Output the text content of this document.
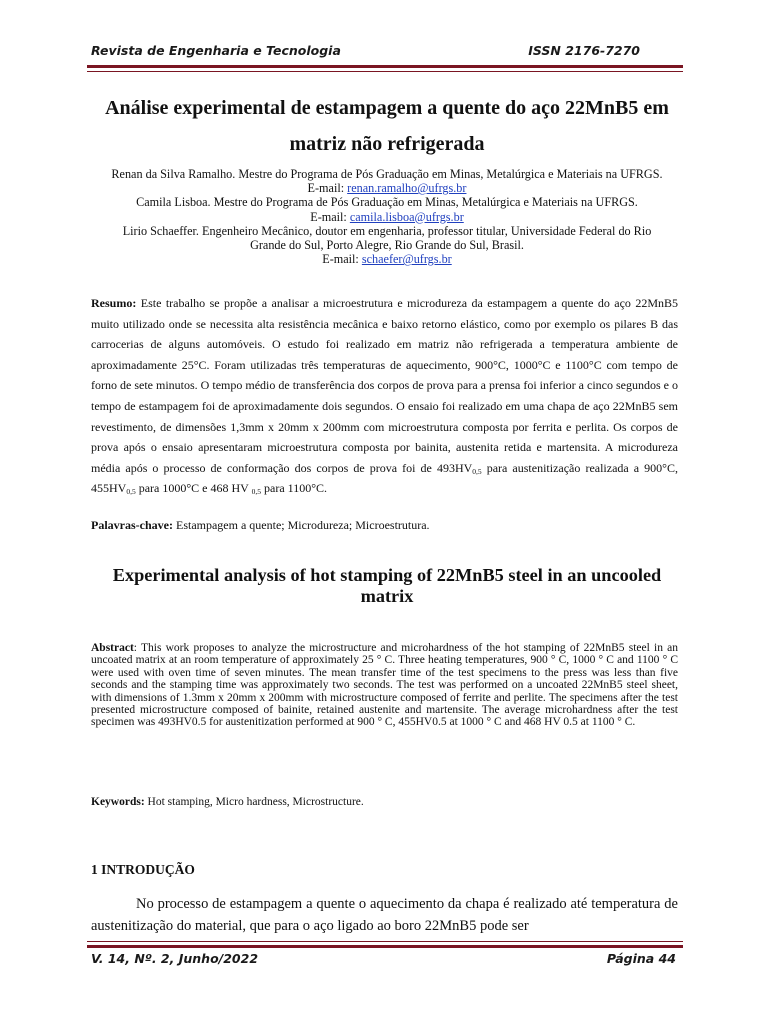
Revista de Engenharia e Tecnologia	ISSN 2176-7270
Análise experimental de estampagem a quente do aço 22MnB5 em
matriz não refrigerada
Renan da Silva Ramalho. Mestre do Programa de Pós Graduação em Minas, Metalúrgica e Materiais na UFRGS.
E-mail: renan.ramalho@ufrgs.br
Camila Lisboa. Mestre do Programa de Pós Graduação em Minas, Metalúrgica e Materiais na UFRGS.
E-mail: camila.lisboa@ufrgs.br
Lirio Schaeffer. Engenheiro Mecânico, doutor em engenharia, professor titular, Universidade Federal do Rio
Grande do Sul, Porto Alegre, Rio Grande do Sul, Brasil.
E-mail: schaefer@ufrgs.br
Resumo: Este trabalho se propõe a analisar a microestrutura e microdureza da estampagem a quente do aço 22MnB5 muito utilizado onde se necessita alta resistência mecânica e baixo retorno elástico, como por exemplo os pilares B das carrocerias de alguns automóveis. O estudo foi realizado em matriz não refrigerada a temperatura ambiente de aproximadamente 25°C. Foram utilizadas três temperaturas de aquecimento, 900°C, 1000°C e 1100°C com tempo de forno de sete minutos. O tempo médio de transferência dos corpos de prova para a prensa foi inferior a cinco segundos e o tempo de estampagem foi de aproximadamente dois segundos. O ensaio foi realizado em uma chapa de aço 22MnB5 sem revestimento, de dimensões 1,3mm x 20mm x 200mm com microestrutura composta por ferrita e perlita. Os corpos de prova após o ensaio apresentaram microestrutura composta por bainita, austenita retida e martensita. A microdureza média após o processo de conformação dos corpos de prova foi de $493HV_{0,5}$ para austenitização realizada a 900°C, $455HV_{0,5}$ para 1000°C e 468 HV $_{0,5}$ para 1100°C.
Palavras-chave: Estampagem a quente; Microdureza; Microestrutura.
Experimental analysis of hot stamping of 22MnB5 steel in an uncooled matrix
Abstract: This work proposes to analyze the microstructure and microhardness of the hot stamping of 22MnB5 steel in an uncoated matrix at an room temperature of approximately 25 ° C. Three heating temperatures, 900 ° C, 1000 ° C and 1100 ° C were used with oven time of seven minutes. The mean transfer time of the test specimens to the press was less than five seconds and the stamping time was approximately two seconds. The test was performed on a uncoated 22MnB5 steel sheet, with dimensions of 1.3mm x 20mm x 200mm with microstructure composed of ferrite and perlite. The specimens after the test presented microstructure composed of bainite, retained austenite and martensite. The average microhardness after the test specimen was 493HV0.5 for austenitization performed at 900 ° C, 455HV0.5 at 1000 ° C and 468 HV 0.5 at 1100 ° C.
Keywords: Hot stamping, Micro hardness, Microstructure.
1 INTRODUÇÃO
No processo de estampagem a quente o aquecimento da chapa é realizado até temperatura de austenitização do material, que para o aço ligado ao boro 22MnB5 pode ser
V. 14, Nº. 2, Junho/2022	Página 44
